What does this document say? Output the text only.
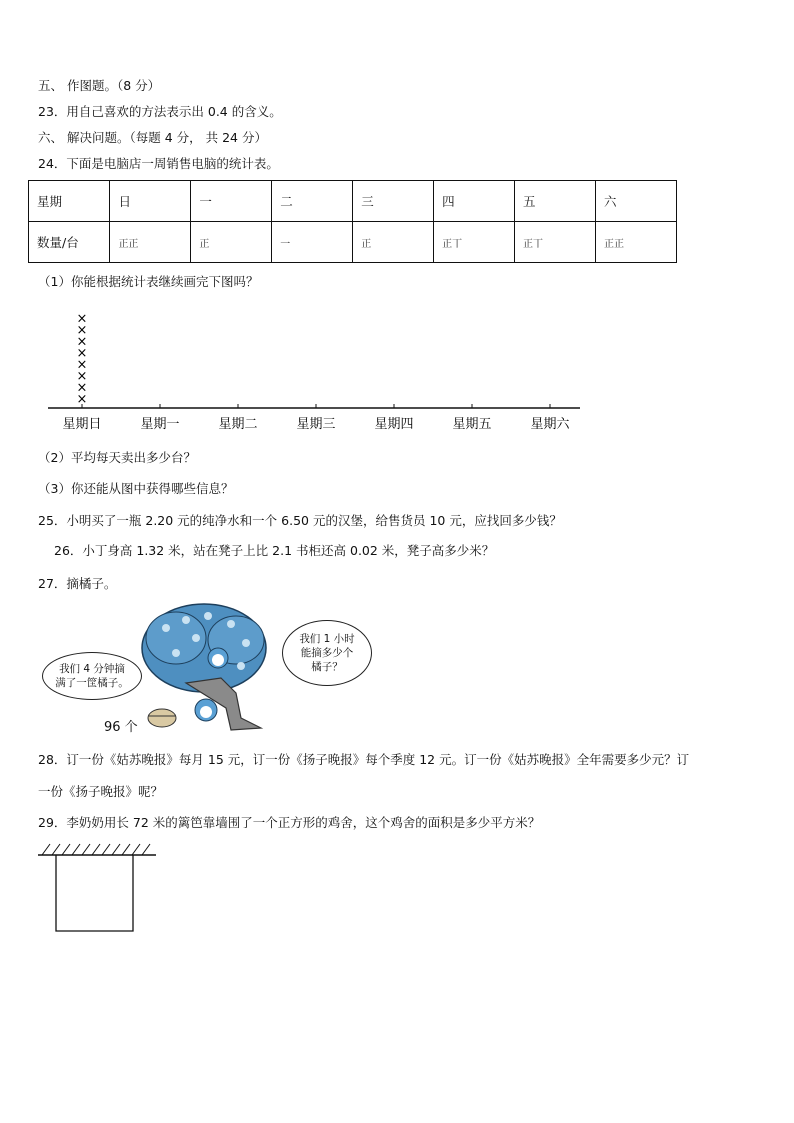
五、 作图题。（8 分）
23．用自己喜欢的方法表示出 0.4 的含义。
六、 解决问题。（每题 4 分， 共 24 分）
24．下面是电脑店一周销售电脑的统计表。
星期	日	一	二	三	四	五	六
数量/台	正正	正	一	正	正丅	正丅	正正
（1）你能根据统计表继续画完下图吗？
星期日
×
×
×
×
×
×
×
×
星期一	星期二	星期三	星期四	星期五	星期六
（2）平均每天卖出多少台？
（3）你还能从图中获得哪些信息？
25．小明买了一瓶 2.20 元的纯净水和一个 6.50 元的汉堡，给售货员 10 元，应找回多少钱？
26．小丁身高 1.32 米，站在凳子上比 2.1 书柜还高 0.02 米，凳子高多少米？
27．摘橘子。
我们 4 分钟摘
满了一筐橘子。
我们 1 小时
能摘多少个
橘子？
96 个
28．订一份《姑苏晚报》每月 15 元，订一份《扬子晚报》每个季度 12 元。订一份《姑苏晚报》全年需要多少元？订
一份《扬子晚报》呢？
29．李奶奶用长 72 米的篱笆靠墙围了一个正方形的鸡舍，这个鸡舍的面积是多少平方米？
